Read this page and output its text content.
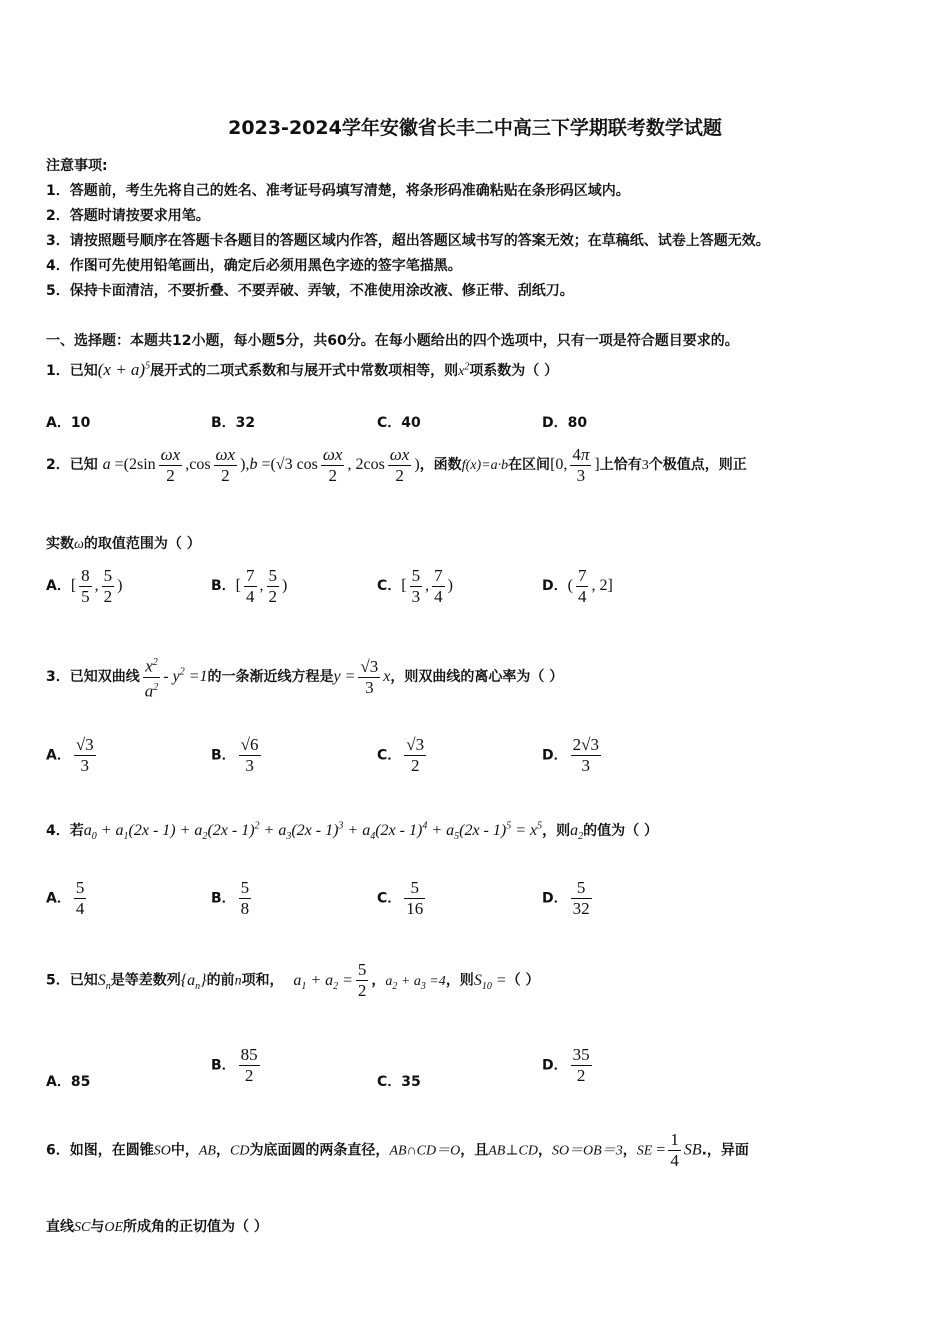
2023-2024学年安徽省长丰二中高三下学期联考数学试题
注意事项:
1．答题前，考生先将自己的姓名、准考证号码填写清楚，将条形码准确粘贴在条形码区域内。
2．答题时请按要求用笔。
3．请按照题号顺序在答题卡各题目的答题区域内作答，超出答题区域书写的答案无效；在草稿纸、试卷上答题无效。
4．作图可先使用铅笔画出，确定后必须用黑色字迹的签字笔描黑。
5．保持卡面清洁，不要折叠、不要弄破、弄皱，不准使用涂改液、修正带、刮纸刀。
一、选择题：本题共12小题，每小题5分，共60分。在每小题给出的四个选项中，只有一项是符合题目要求的。
1．已知$(x + a)^5$展开式的二项式系数和与展开式中常数项相等，则$x^2$项系数为（ ）
A．10	B．32	C．40	D．80
2．已知 $a =(2\sin \frac{\omega x}{2} ,\cos \frac{\omega x}{2} ),b =(√3$ $\cos \frac{\omega x}{2}$ , $2\cos \frac{\omega x}{2}$ )，函数f(x)=a·b在区间[0, $\frac{4\pi}{3}$ ]上恰有3个极值点，则正
实数ω的取值范围为（ ）
A．[ $\frac{8}{5}$ , $\frac{5}{2}$ )	B．[ $\frac{7}{4}$ , $\frac{5}{2}$ )	C．[ $\frac{5}{3}$ , $\frac{7}{4}$ )	D．( $\frac{7}{4}$ , 2]
3．已知双曲线 $\frac{x^2}{a^2} - y^2 =1$的一条渐近线方程是$y = \frac{√3}{3}$ x，则双曲线的离心率为（ ）
A． $\frac{√3}{3}$	B． $\frac{√6}{3}$	C． $\frac{√3}{2}$	D． $\frac{2√3}{3}$
4．若$a_0 + a_1(2x - 1) + a_2(2x - 1)^2 + a_3(2x - 1)^3 + a_4(2x - 1)^4 + a_5(2x - 1)^5 = x^5$，则$a_2$的值为（ ）
A． $\frac{5}{4}$	B． $\frac{5}{8}$	C． $\frac{5}{16}$	D． $\frac{5}{32}$
5．已知$S_n$是等差数列$\{a_n\}$的前n项和， $a_1 + a_2 = \frac{5}{2}$ ，$a_2 + a_3 =4$，则$S_{10}$ =（ ）
A．85
B． $\frac{85}{2}$	C．35
D． $\frac{35}{2}$
6．如图，在圆锥SO中，AB，CD为底面圆的两条直径，AB∩CD＝O，且AB⊥CD，SO＝OB＝3，SE = $\frac{1}{4}$ SB.，异面
直线SC与OE所成角的正切值为（ ）
